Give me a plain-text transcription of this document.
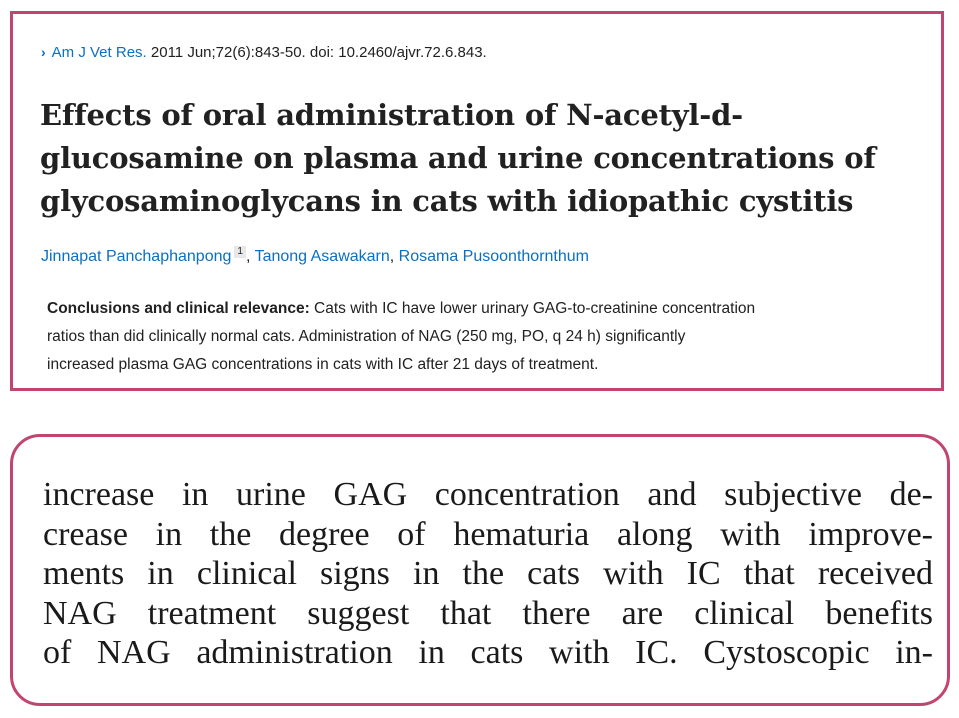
› Am J Vet Res. 2011 Jun;72(6):843-50. doi: 10.2460/ajvr.72.6.843.
Effects of oral administration of N-acetyl-d-
glucosamine on plasma and urine concentrations of
glycosaminoglycans in cats with idiopathic cystitis
Jinnapat Panchaphanpong 1 , Tanong Asawakarn, Rosama Pusoonthornthum
Conclusions and clinical relevance: Cats with IC have lower urinary GAG-to-creatinine concentration
ratios than did clinically normal cats. Administration of NAG (250 mg, PO, q 24 h) significantly
increased plasma GAG concentrations in cats with IC after 21 days of treatment.
increase in urine GAG concentration and subjective de-
crease in the degree of hematuria along with improve-
ments in clinical signs in the cats with IC that received
NAG treatment suggest that there are clinical benefits
of NAG administration in cats with IC. Cystoscopic in-
